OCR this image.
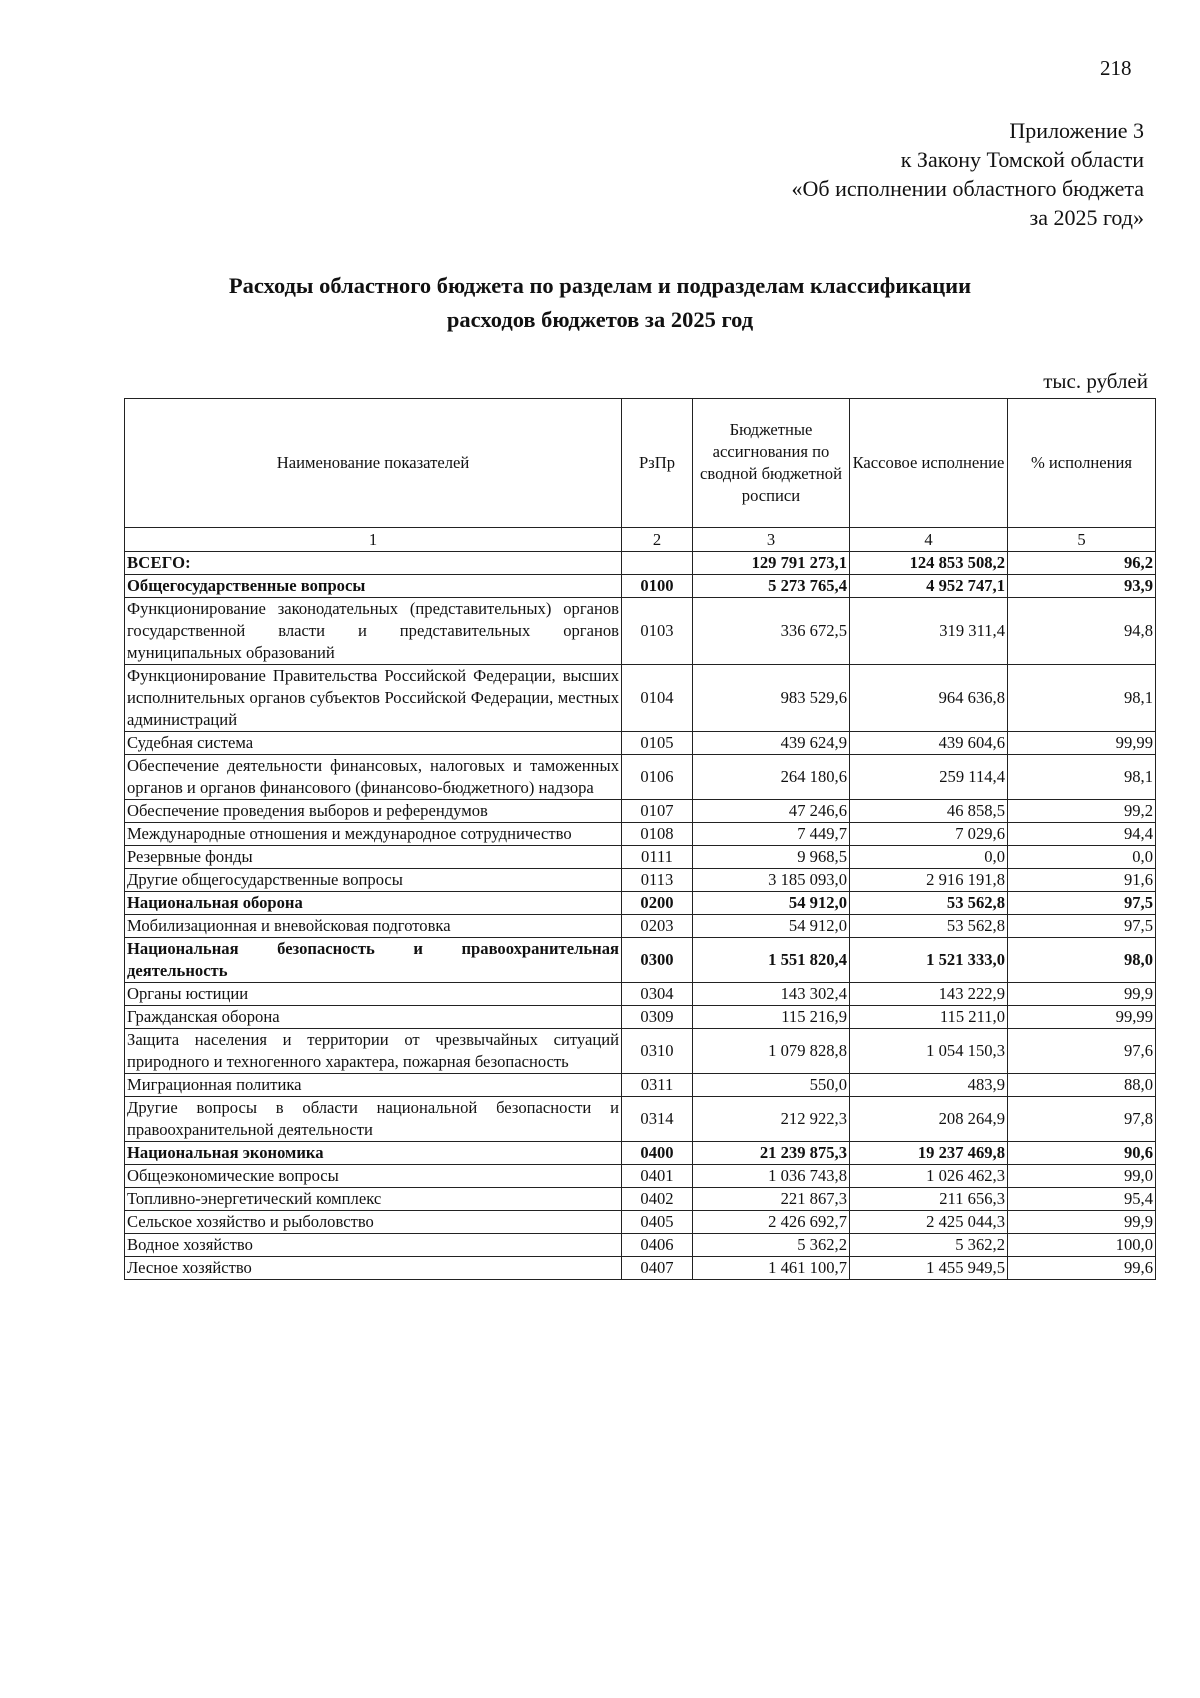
218
Приложение 3
к Закону Томской области
«Об исполнении областного бюджета
за 2025 год»
Расходы областного бюджета по разделам и подразделам классификации
расходов бюджетов за 2025 год
тыс. рублей
Наименование показателей	РзПр	Бюджетные ассигнования по сводной бюджетной росписи	Кассовое исполнение	% исполнения
1	2	3	4	5
ВСЕГО:		129 791 273,1	124 853 508,2	96,2
Общегосударственные вопросы	0100	5 273 765,4	4 952 747,1	93,9
Функционирование законодательных (представительных) органов государственной власти и представительных органов муниципальных образований	0103	336 672,5	319 311,4	94,8
Функционирование Правительства Российской Федерации, высших исполнительных органов субъектов Российской Федерации, местных администраций	0104	983 529,6	964 636,8	98,1
Судебная система	0105	439 624,9	439 604,6	99,99
Обеспечение деятельности финансовых, налоговых и таможенных органов и органов финансового (финансово-бюджетного) надзора	0106	264 180,6	259 114,4	98,1
Обеспечение проведения выборов и референдумов	0107	47 246,6	46 858,5	99,2
Международные отношения и международное сотрудничество	0108	7 449,7	7 029,6	94,4
Резервные фонды	0111	9 968,5	0,0	0,0
Другие общегосударственные вопросы	0113	3 185 093,0	2 916 191,8	91,6
Национальная оборона	0200	54 912,0	53 562,8	97,5
Мобилизационная и вневойсковая подготовка	0203	54 912,0	53 562,8	97,5
Национальная безопасность и правоохранительная деятельность	0300	1 551 820,4	1 521 333,0	98,0
Органы юстиции	0304	143 302,4	143 222,9	99,9
Гражданская оборона	0309	115 216,9	115 211,0	99,99
Защита населения и территории от чрезвычайных ситуаций природного и техногенного характера, пожарная безопасность	0310	1 079 828,8	1 054 150,3	97,6
Миграционная политика	0311	550,0	483,9	88,0
Другие вопросы в области национальной безопасности и правоохранительной деятельности	0314	212 922,3	208 264,9	97,8
Национальная экономика	0400	21 239 875,3	19 237 469,8	90,6
Общеэкономические вопросы	0401	1 036 743,8	1 026 462,3	99,0
Топливно-энергетический комплекс	0402	221 867,3	211 656,3	95,4
Сельское хозяйство и рыболовство	0405	2 426 692,7	2 425 044,3	99,9
Водное хозяйство	0406	5 362,2	5 362,2	100,0
Лесное хозяйство	0407	1 461 100,7	1 455 949,5	99,6
